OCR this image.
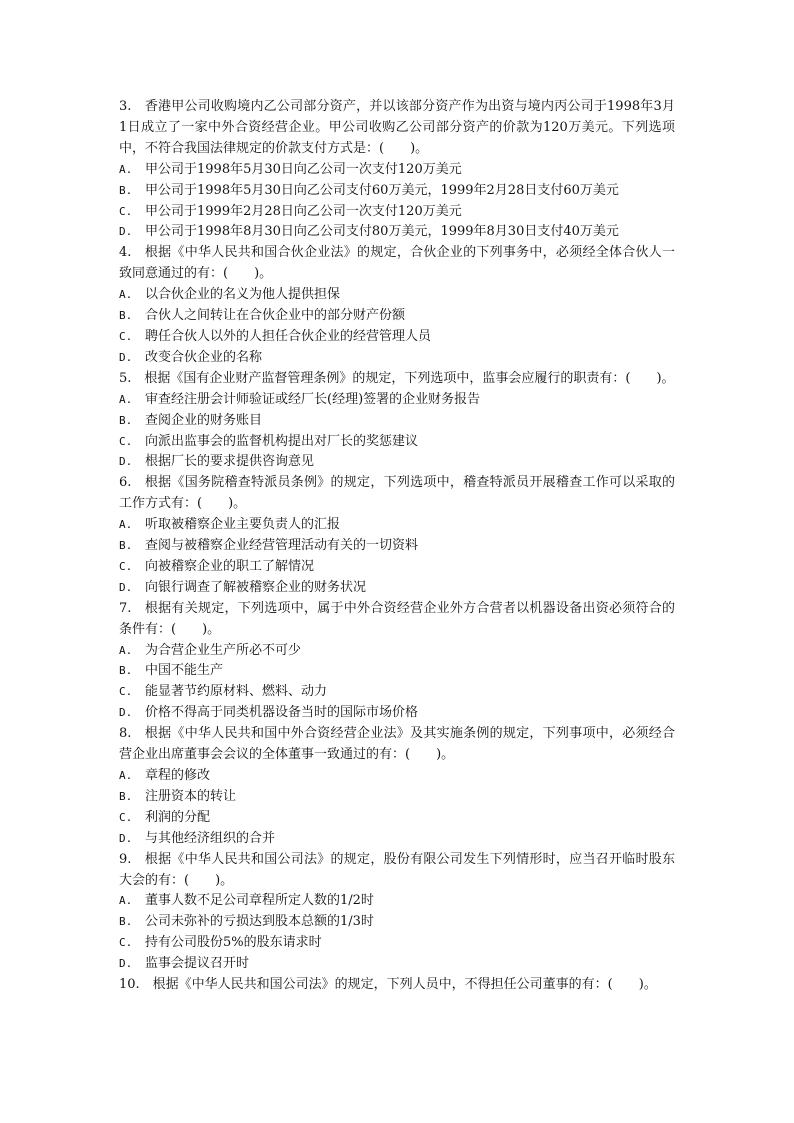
3.　香港甲公司收购境内乙公司部分资产，并以该部分资产作为出资与境内丙公司于1998年3月1日成立了一家中外合资经营企业。甲公司收购乙公司部分资产的价款为120万美元。下列选项中，不符合我国法律规定的价款支付方式是：(　　)。

A. 甲公司于1998年5月30日向乙公司一次支付120万美元

B. 甲公司于1998年5月30日向乙公司支付60万美元，1999年2月28日支付60万美元

C. 甲公司于1999年2月28日向乙公司一次支付120万美元

D. 甲公司于1998年8月30日向乙公司支付80万美元，1999年8月30日支付40万美元

4.　根据《中华人民共和国合伙企业法》的规定，合伙企业的下列事务中，必须经全体合伙人一致同意通过的有：(　　)。

A. 以合伙企业的名义为他人提供担保

B. 合伙人之间转让在合伙企业中的部分财产份额

C. 聘任合伙人以外的人担任合伙企业的经营管理人员

D. 改变合伙企业的名称

5.　根据《国有企业财产监督管理条例》的规定，下列选项中，监事会应履行的职责有：(　　)。

A. 审查经注册会计师验证或经厂长(经理)签署的企业财务报告

B. 查阅企业的财务账目

C. 向派出监事会的监督机构提出对厂长的奖惩建议

D. 根据厂长的要求提供咨询意见

6.　根据《国务院稽查特派员条例》的规定，下列选项中，稽查特派员开展稽查工作可以采取的工作方式有：(　　)。

A. 听取被稽察企业主要负责人的汇报

B. 查阅与被稽察企业经营管理活动有关的一切资料

C. 向被稽察企业的职工了解情况

D. 向银行调查了解被稽察企业的财务状况

7.　根据有关规定，下列选项中，属于中外合资经营企业外方合营者以机器设备出资必须符合的条件有：(　　)。

A. 为合营企业生产所必不可少

B. 中国不能生产

C. 能显著节约原材料、燃料、动力

D. 价格不得高于同类机器设备当时的国际市场价格

8.　根据《中华人民共和国中外合资经营企业法》及其实施条例的规定，下列事项中，必须经合营企业出席董事会会议的全体董事一致通过的有：(　　)。

A. 章程的修改

B. 注册资本的转让

C. 利润的分配

D. 与其他经济组织的合并

9.　根据《中华人民共和国公司法》的规定，股份有限公司发生下列情形时，应当召开临时股东大会的有：(　　)。

A. 董事人数不足公司章程所定人数的1/2时

B. 公司未弥补的亏损达到股本总额的1/3时

C. 持有公司股份5%的股东请求时

D. 监事会提议召开时

10.　根据《中华人民共和国公司法》的规定，下列人员中，不得担任公司董事的有：(　　)。
